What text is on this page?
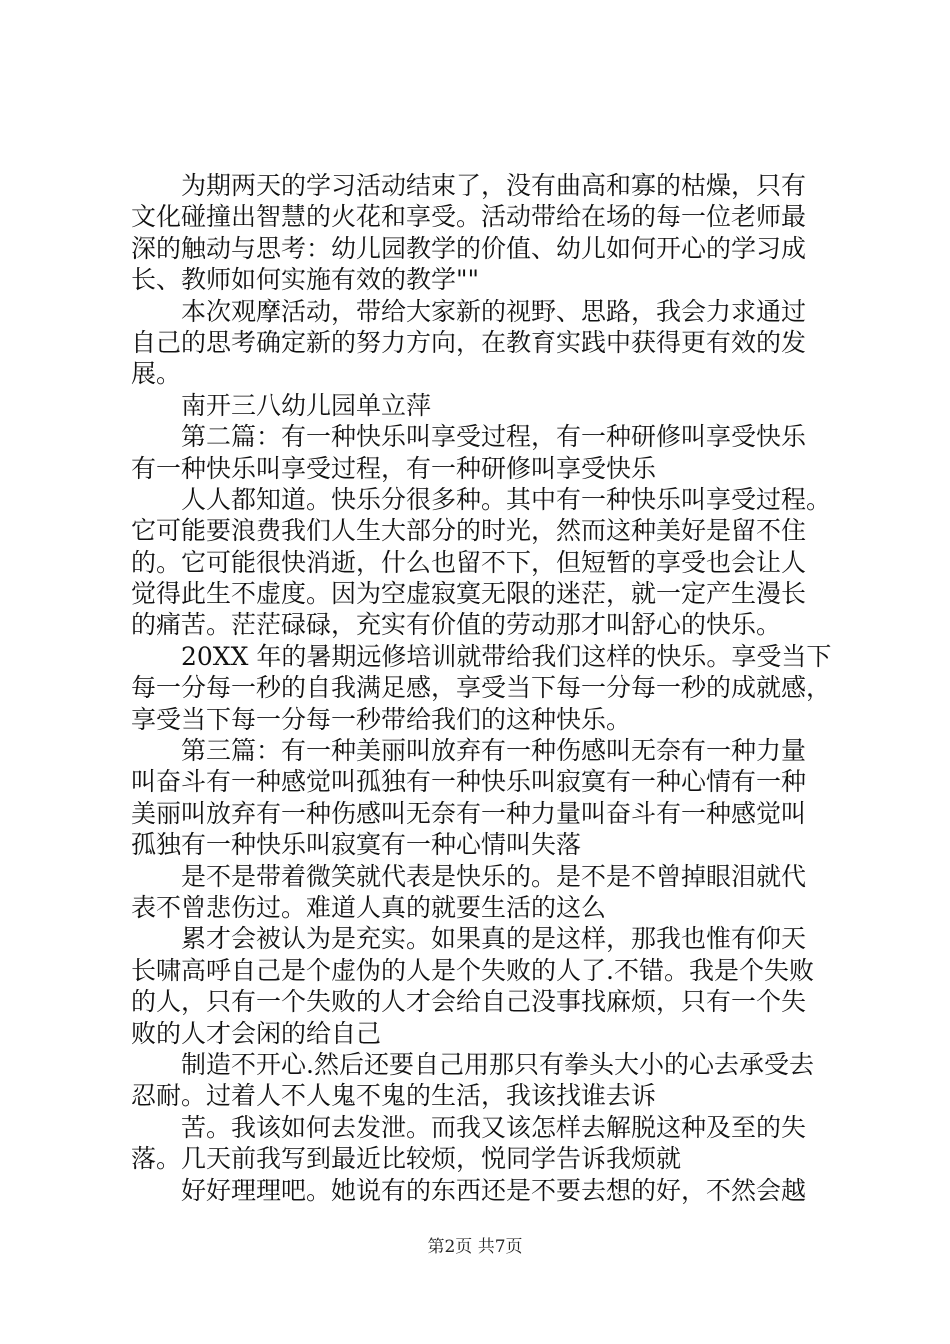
　　为期两天的学习活动结束了，没有曲高和寡的枯燥，只有
文化碰撞出智慧的火花和享受。活动带给在场的每一位老师最
深的触动与思考：幼儿园教学的价值、幼儿如何开心的学习成
长、教师如何实施有效的教学""
　　本次观摩活动，带给大家新的视野、思路，我会力求通过
自己的思考确定新的努力方向，在教育实践中获得更有效的发
展。
　　南开三八幼儿园单立萍
　　第二篇：有一种快乐叫享受过程，有一种研修叫享受快乐
有一种快乐叫享受过程，有一种研修叫享受快乐
　　人人都知道。快乐分很多种。其中有一种快乐叫享受过程。
它可能要浪费我们人生大部分的时光，然而这种美好是留不住
的。它可能很快消逝，什么也留不下，但短暂的享受也会让人
觉得此生不虚度。因为空虚寂寞无限的迷茫，就一定产生漫长
的痛苦。茫茫碌碌，充实有价值的劳动那才叫舒心的快乐。
　　20XX 年的暑期远修培训就带给我们这样的快乐。享受当下
每一分每一秒的自我满足感，享受当下每一分每一秒的成就感，
享受当下每一分每一秒带给我们的这种快乐。
　　第三篇：有一种美丽叫放弃有一种伤感叫无奈有一种力量
叫奋斗有一种感觉叫孤独有一种快乐叫寂寞有一种心情有一种
美丽叫放弃有一种伤感叫无奈有一种力量叫奋斗有一种感觉叫
孤独有一种快乐叫寂寞有一种心情叫失落
　　是不是带着微笑就代表是快乐的。是不是不曾掉眼泪就代
表不曾悲伤过。难道人真的就要生活的这么
　　累才会被认为是充实。如果真的是这样，那我也惟有仰天
长啸高呼自己是个虚伪的人是个失败的人了.不错。我是个失败
的人，只有一个失败的人才会给自己没事找麻烦，只有一个失
败的人才会闲的给自己
　　制造不开心.然后还要自己用那只有拳头大小的心去承受去
忍耐。过着人不人鬼不鬼的生活，我该找谁去诉
　　苦。我该如何去发泄。而我又该怎样去解脱这种及至的失
落。几天前我写到最近比较烦，悦同学告诉我烦就
　　好好理理吧。她说有的东西还是不要去想的好，不然会越
第2页 共7页
